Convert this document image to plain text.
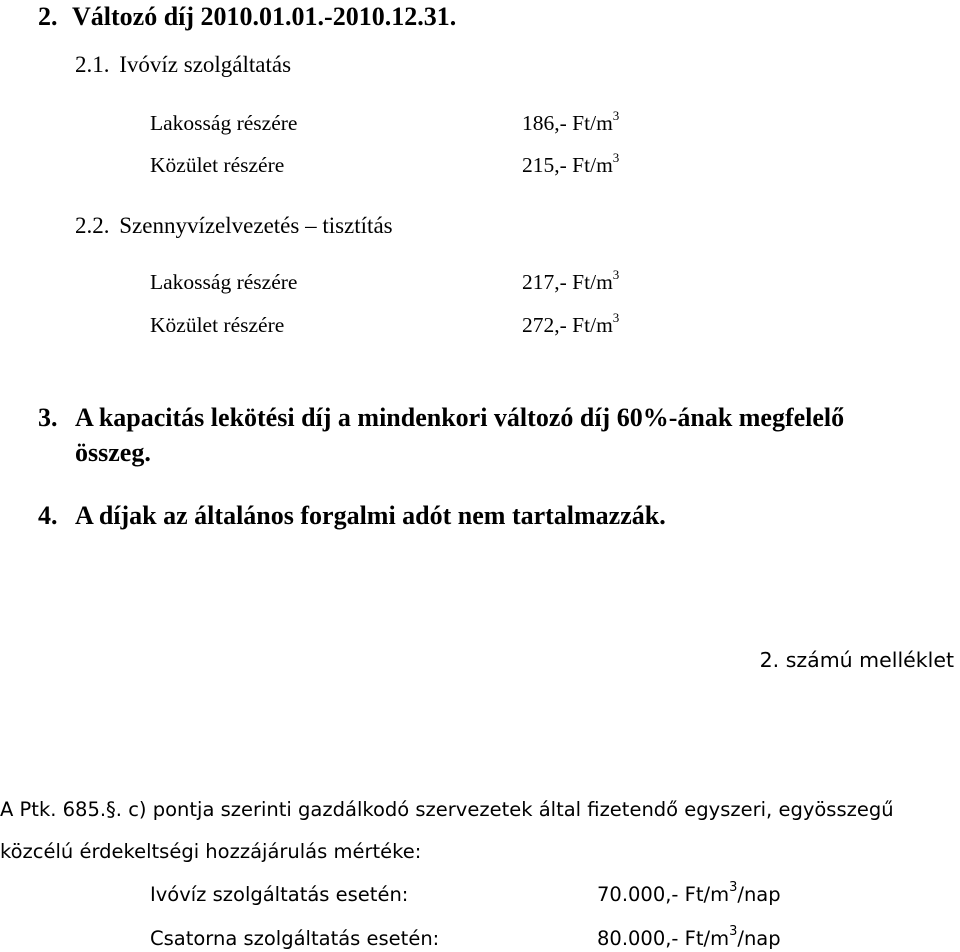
2. Változó díj 2010.01.01.-2010.12.31.
2.1. Ivóvíz szolgáltatás
Lakosság részére	186,- $Ft/m^3$
Közület részére	215,- $Ft/m^3$
2.2. Szennyvízelvezetés – tisztítás
Lakosság részére	217,- $Ft/m^3$
Közület részére	272,- $Ft/m^3$
3. A kapacitás lekötési díj a mindenkori változó díj 60%-ának megfelelő
összeg.
4. A díjak az általános forgalmi adót nem tartalmazzák.
2. számú melléklet
A Ptk. 685.§. c) pontja szerinti gazdálkodó szervezetek által fizetendő egyszeri, egyösszegű
közcélú érdekeltségi hozzájárulás mértéke:
Ivóvíz szolgáltatás esetén:	70.000,- $Ft/m^3$/nap
Csatorna szolgáltatás esetén:	80.000,- $Ft/m^3$/nap
